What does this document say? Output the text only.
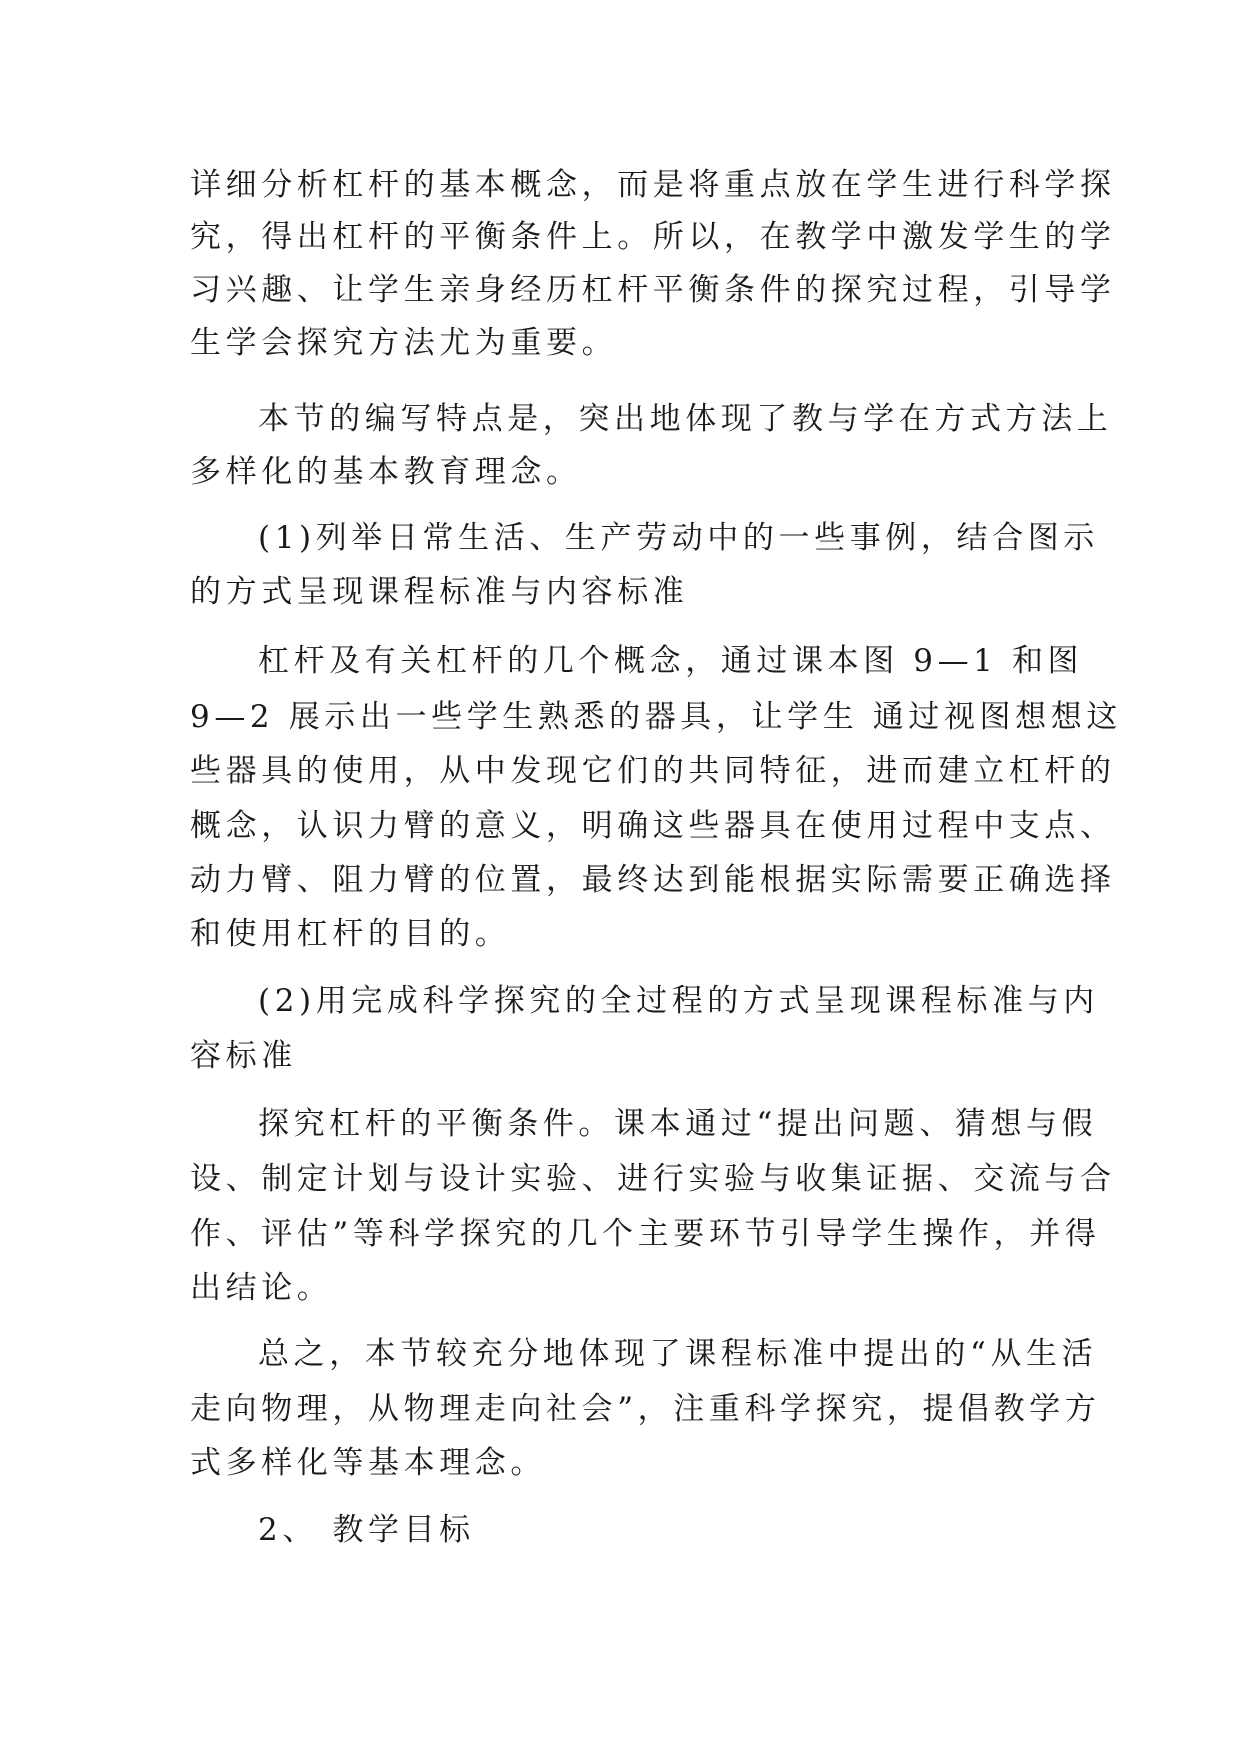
详细分析杠杆的基本概念，而是将重点放在学生进行科学探
究，得出杠杆的平衡条件上。所以，在教学中激发学生的学
习兴趣、让学生亲身经历杠杆平衡条件的探究过程，引导学
生学会探究方法尤为重要。
本节的编写特点是，突出地体现了教与学在方式方法上
多样化的基本教育理念。
(1)列举日常生活、生产劳动中的一些事例，结合图示
的方式呈现课程标准与内容标准
杠杆及有关杠杆的几个概念，通过课本图 9—1 和图
9—2 展示出一些学生熟悉的器具，让学生 通过视图想想这
些器具的使用，从中发现它们的共同特征，进而建立杠杆的
概念，认识力臂的意义，明确这些器具在使用过程中支点、
动力臂、阻力臂的位置，最终达到能根据实际需要正确选择
和使用杠杆的目的。
(2)用完成科学探究的全过程的方式呈现课程标准与内
容标准
探究杠杆的平衡条件。课本通过“提出问题、猜想与假
设、制定计划与设计实验、进行实验与收集证据、交流与合
作、评估”等科学探究的几个主要环节引导学生操作，并得
出结论。
总之，本节较充分地体现了课程标准中提出的“从生活
走向物理，从物理走向社会”，注重科学探究，提倡教学方
式多样化等基本理念。
2、 教学目标
